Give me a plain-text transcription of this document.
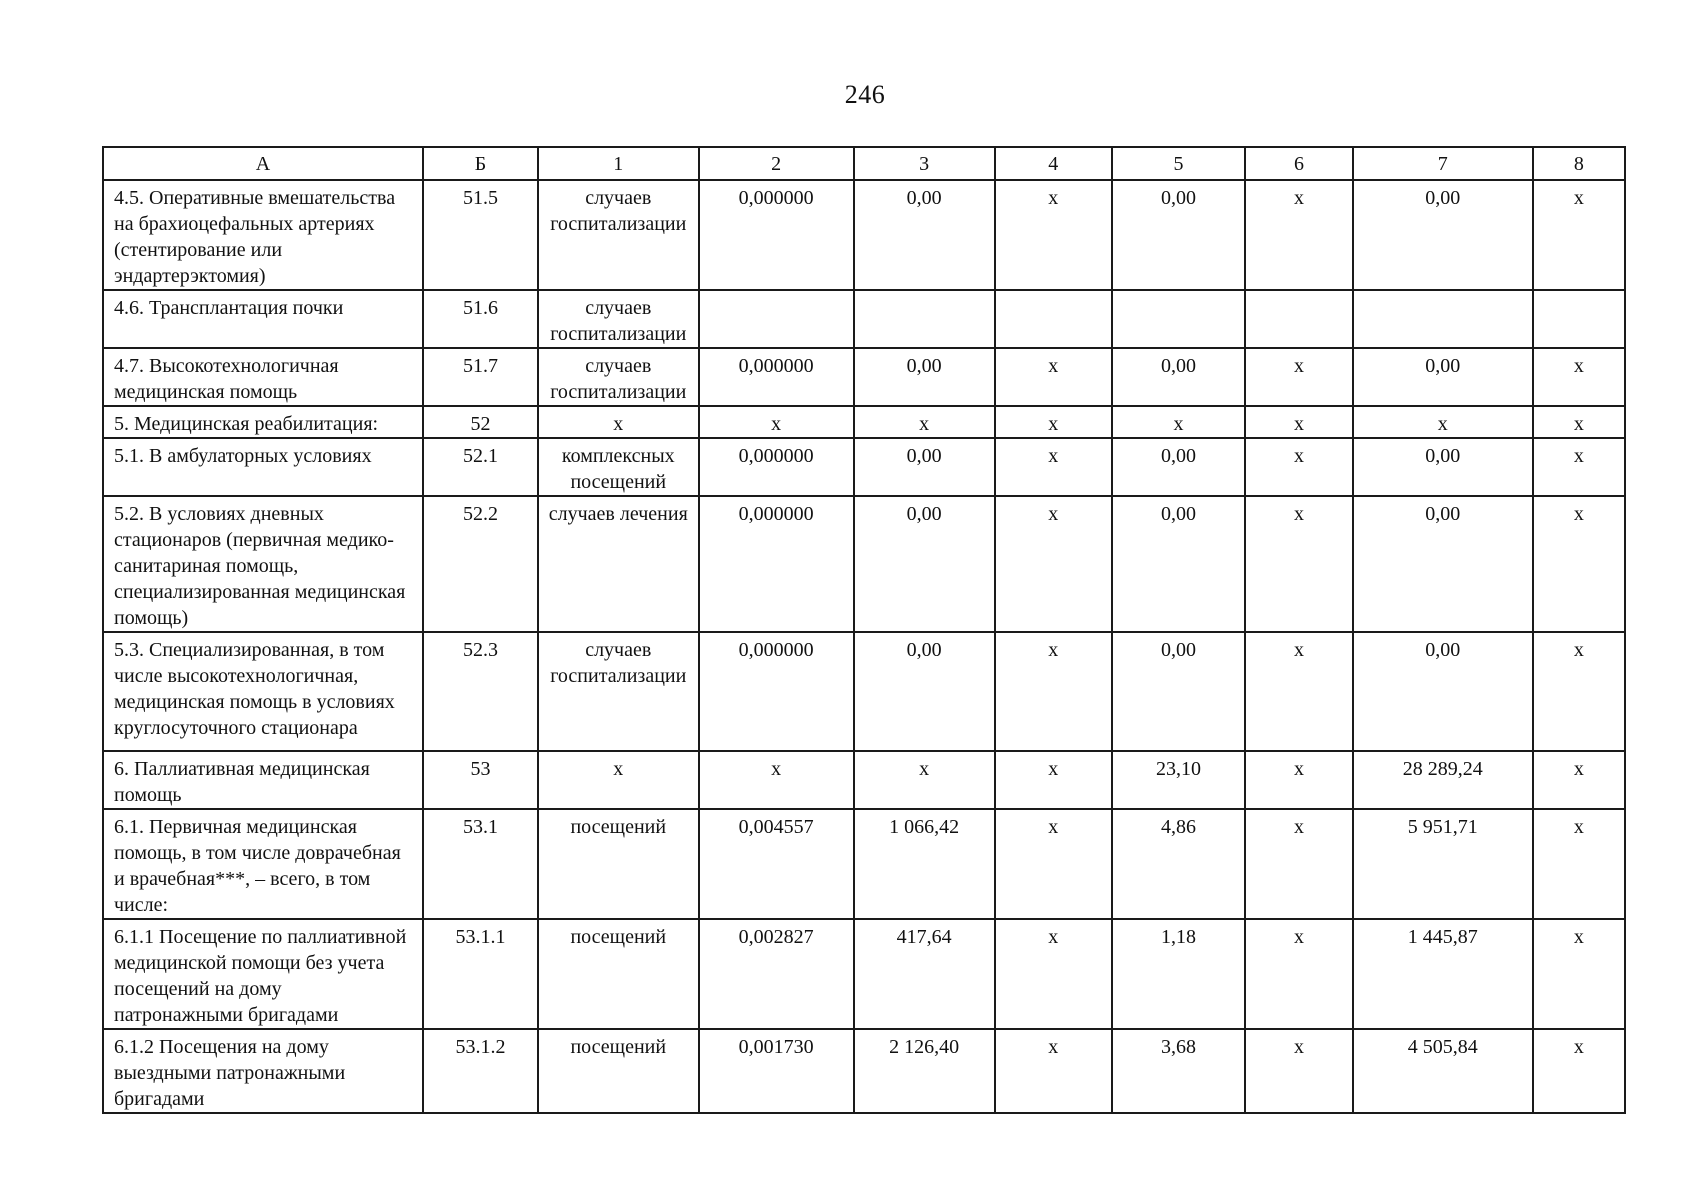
246
А	Б	1	2	3	4	5	6	7	8
4.5. Оперативные вмешательства на брахиоцефальных артериях (стентирование или эндартерэктомия)	51.5	случаев госпитализации	0,000000	0,00	х	0,00	х	0,00	х
4.6. Трансплантация почки	51.6	случаев госпитализации							
4.7. Высокотехнологичная медицинская помощь	51.7	случаев госпитализации	0,000000	0,00	х	0,00	х	0,00	х
5. Медицинская реабилитация:	52	х	х	х	х	х	х	х	х
5.1. В амбулаторных условиях	52.1	комплексных посещений	0,000000	0,00	х	0,00	х	0,00	х
5.2. В условиях дневных стационаров (первичная медико-санитариная помощь, специализированная медицинская помощь)	52.2	случаев лечения	0,000000	0,00	х	0,00	х	0,00	х
5.3. Специализированная, в том числе высокотехнологичная, медицинская помощь в условиях круглосуточного стационара	52.3	случаев госпитализации	0,000000	0,00	х	0,00	х	0,00	х
6. Паллиативная медицинская помощь	53	х	х	х	х	23,10	х	28 289,24	х
6.1. Первичная медицинская помощь, в том числе доврачебная и врачебная***, – всего, в том числе:	53.1	посещений	0,004557	1 066,42	х	4,86	х	5 951,71	х
6.1.1 Посещение по паллиативной медицинской помощи без учета посещений на дому патронажными бригадами	53.1.1	посещений	0,002827	417,64	х	1,18	х	1 445,87	х
6.1.2 Посещения на дому выездными патронажными бригадами	53.1.2	посещений	0,001730	2 126,40	х	3,68	х	4 505,84	х
